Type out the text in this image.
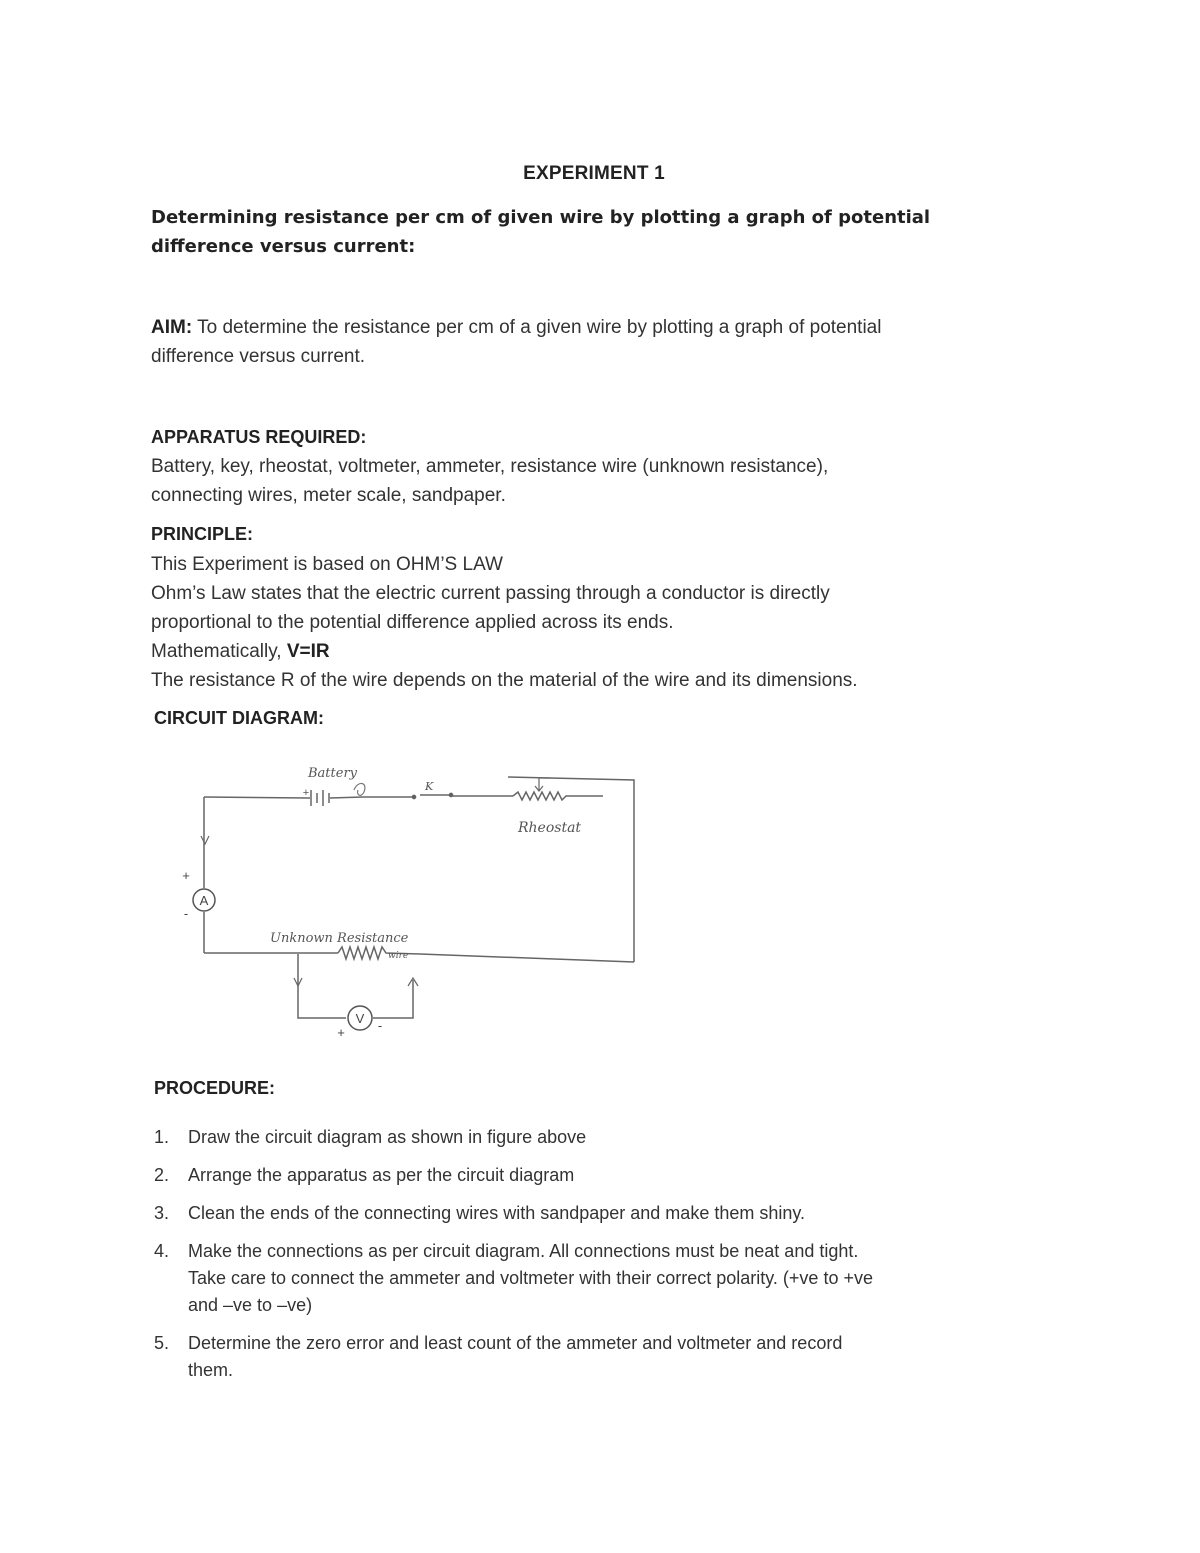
EXPERIMENT 1
Determining resistance per cm of given wire by plotting a graph of potential difference versus current:
AIM: To determine the resistance per cm of a given wire by plotting a graph of potential
difference versus current.
APPARATUS REQUIRED:
Battery, key, rheostat, voltmeter, ammeter, resistance wire (unknown resistance),
connecting wires, meter scale, sandpaper.
PRINCIPLE:
This Experiment is based on OHM’S LAW
Ohm’s Law states that the electric current passing through a conductor is directly
proportional to the potential difference applied across its ends.
Mathematically, V=IR
The resistance R of the wire depends on the material of the wire and its dimensions.
CIRCUIT DIAGRAM:
A
+
-
V
+	-
+
Battery
K
Rheostat
Unknown Resistance
wire
PROCEDURE:
1. Draw the circuit diagram as shown in figure above
2. Arrange the apparatus as per the circuit diagram
3. Clean the ends of the connecting wires with sandpaper and make them shiny.
4. Make the connections as per circuit diagram. All connections must be neat and tight.
Take care to connect the ammeter and voltmeter with their correct polarity. (+ve to +ve
and –ve to –ve)
5. Determine the zero error and least count of the ammeter and voltmeter and record
them.
